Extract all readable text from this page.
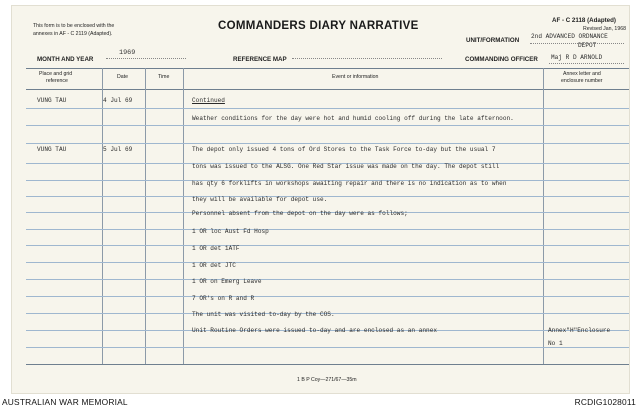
This form is to be enclosed with the
annexes in AF - C 2119 (Adapted).
COMMANDERS DIARY NARRATIVE	AF - C 2118 (Adapted)
Revised Jan, 1968
UNIT/FORMATION
2nd ADVANCED ORDNANCE
DEPOT
MONTH AND YEAR
1969
REFERENCE MAP	COMMANDING OFFICER Maj R D ARNOLD
Place and grid
reference
Date	Time	Event or information	Annex letter and
enclosure number
VUNG TAU	4 Jul 69	Continued
Weather conditions for the day were hot and humid cooling off during the late afternoon.
VUNG TAU	5 Jul 69	The depot only issued 4 tons of Ord Stores to the Task Force to-day but the usual 7
tons was issued to the ALSG. One Red Star issue was made on the day. The depot still
has qty 6 forklifts in workshops awaiting repair and there is no indication as to when
they will be available for depot use.
Personnel absent from the depot on the day were as follows;
1 OR loc Aust Fd Hosp
1 OR det 1ATF
1 OR det JTC
1 OR on Emerg Leave
7 OR's on R and R
The unit was visited to-day by the COS.
Unit Routine Orders were issued to-day and are enclosed as an annex	Annex"H"Enclosure
No 1
1 B P Coy—271/67—35m
AUSTRALIAN WAR MEMORIAL	RCDIG1028011
